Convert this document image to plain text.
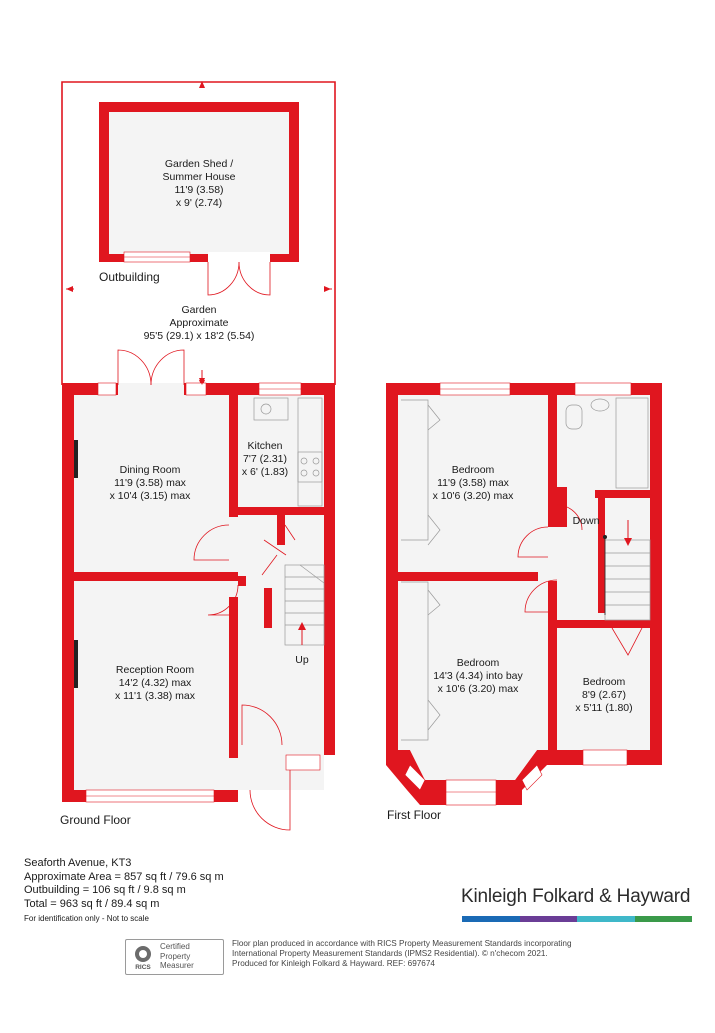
Garden Shed /
Summer House
11'9 (3.58)
x 9' (2.74)
Outbuilding
Garden
Approximate
95'5 (29.1) x 18'2 (5.54)
Dining Room
11'9 (3.58) max
x 10'4 (3.15) max
Kitchen
7'7 (2.31)
x 6' (1.83)
Reception Room
14'2 (4.32) max
x 11'1 (3.38) max
Up
Ground Floor
Bedroom
11'9 (3.58) max
x 10'6 (3.20) max
Bedroom
14'3 (4.34) into bay
x 10'6 (3.20) max
Bedroom
8'9 (2.67)
x 5'11 (1.80)
Down
First Floor
Seaforth Avenue, KT3
Approximate Area = 857 sq ft / 79.6 sq m
Outbuilding = 106 sq ft / 9.8 sq m
Total = 963 sq ft / 89.4 sq m
For identification only - Not to scale
Kinleigh Folkard & Hayward
RICS
Certified
Property
Measurer
Floor plan produced in accordance with RICS Property Measurement Standards incorporating
International Property Measurement Standards (IPMS2 Residential). © n'checom 2021.
Produced for Kinleigh Folkard & Hayward. REF: 697674
